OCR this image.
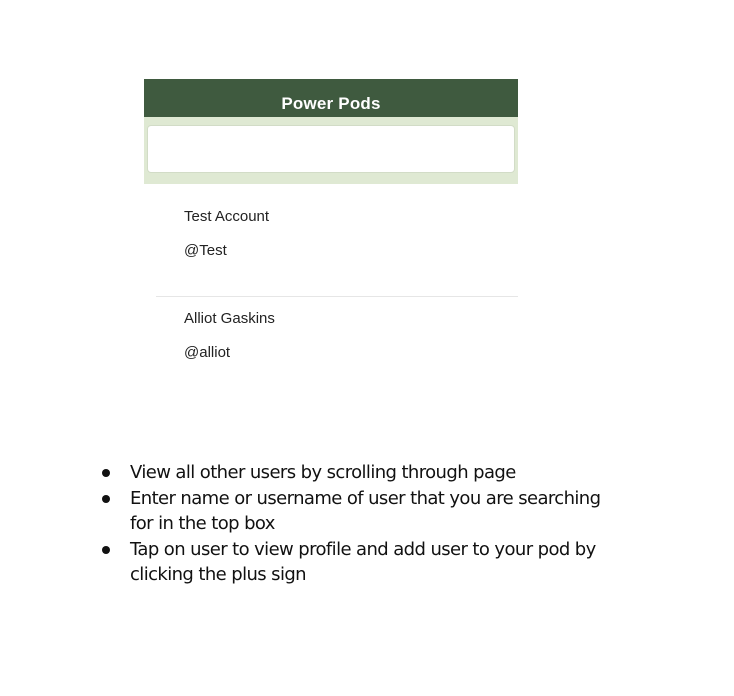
Power Pods
Test Account
@Test
Alliot Gaskins
@alliot
View all other users by scrolling through page
Enter name or username of user that you are searching for in the top box
Tap on user to view profile and add user to your pod by clicking the plus sign
